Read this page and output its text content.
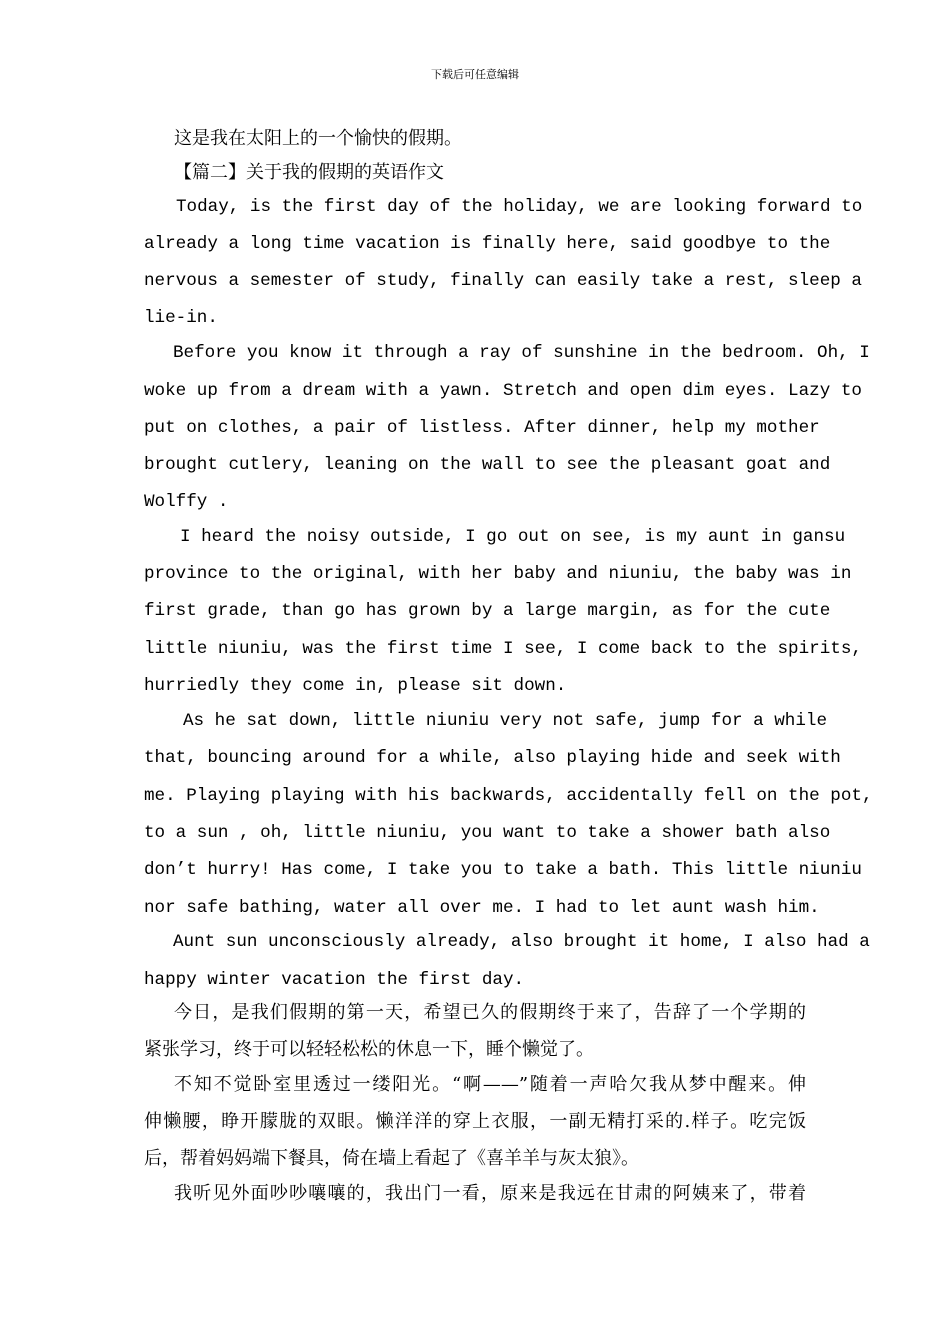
下载后可任意编辑
这是我在太阳上的一个愉快的假期。
【篇二】关于我的假期的英语作文
Today, is the first day of the holiday, we are looking forward to
already a long time vacation is finally here, said goodbye to the
nervous a semester of study, finally can easily take a rest, sleep a
lie-in.
Before you know it through a ray of sunshine in the bedroom. Oh, I
woke up from a dream with a yawn. Stretch and open dim eyes. Lazy to
put on clothes, a pair of listless. After dinner, help my mother
brought cutlery, leaning on the wall to see the pleasant goat and
Wolffy .
I heard the noisy outside, I go out on see, is my aunt in gansu
province to the original, with her baby and niuniu, the baby was in
first grade, than go has grown by a large margin, as for the cute
little niuniu, was the first time I see, I come back to the spirits,
hurriedly they come in, please sit down.
As he sat down, little niuniu very not safe, jump for a while
that, bouncing around for a while, also playing hide and seek with
me. Playing playing with his backwards, accidentally fell on the pot,
to a sun , oh, little niuniu, you want to take a shower bath also
don’t hurry! Has come, I take you to take a bath. This little niuniu
nor safe bathing, water all over me. I had to let aunt wash him.
Aunt sun unconsciously already, also brought it home, I also had a
happy winter vacation the first day.
今日，是我们假期的第一天，希望已久的假期终于来了，告辞了一个学期的
紧张学习，终于可以轻轻松松的休息一下，睡个懒觉了。
不知不觉卧室里透过一缕阳光。“啊——”随着一声哈欠我从梦中醒来。伸
伸懒腰，睁开朦胧的双眼。懒洋洋的穿上衣服，一副无精打采的.样子。吃完饭
后，帮着妈妈端下餐具，倚在墙上看起了《喜羊羊与灰太狼》。
我听见外面吵吵嚷嚷的，我出门一看，原来是我远在甘肃的阿姨来了，带着
